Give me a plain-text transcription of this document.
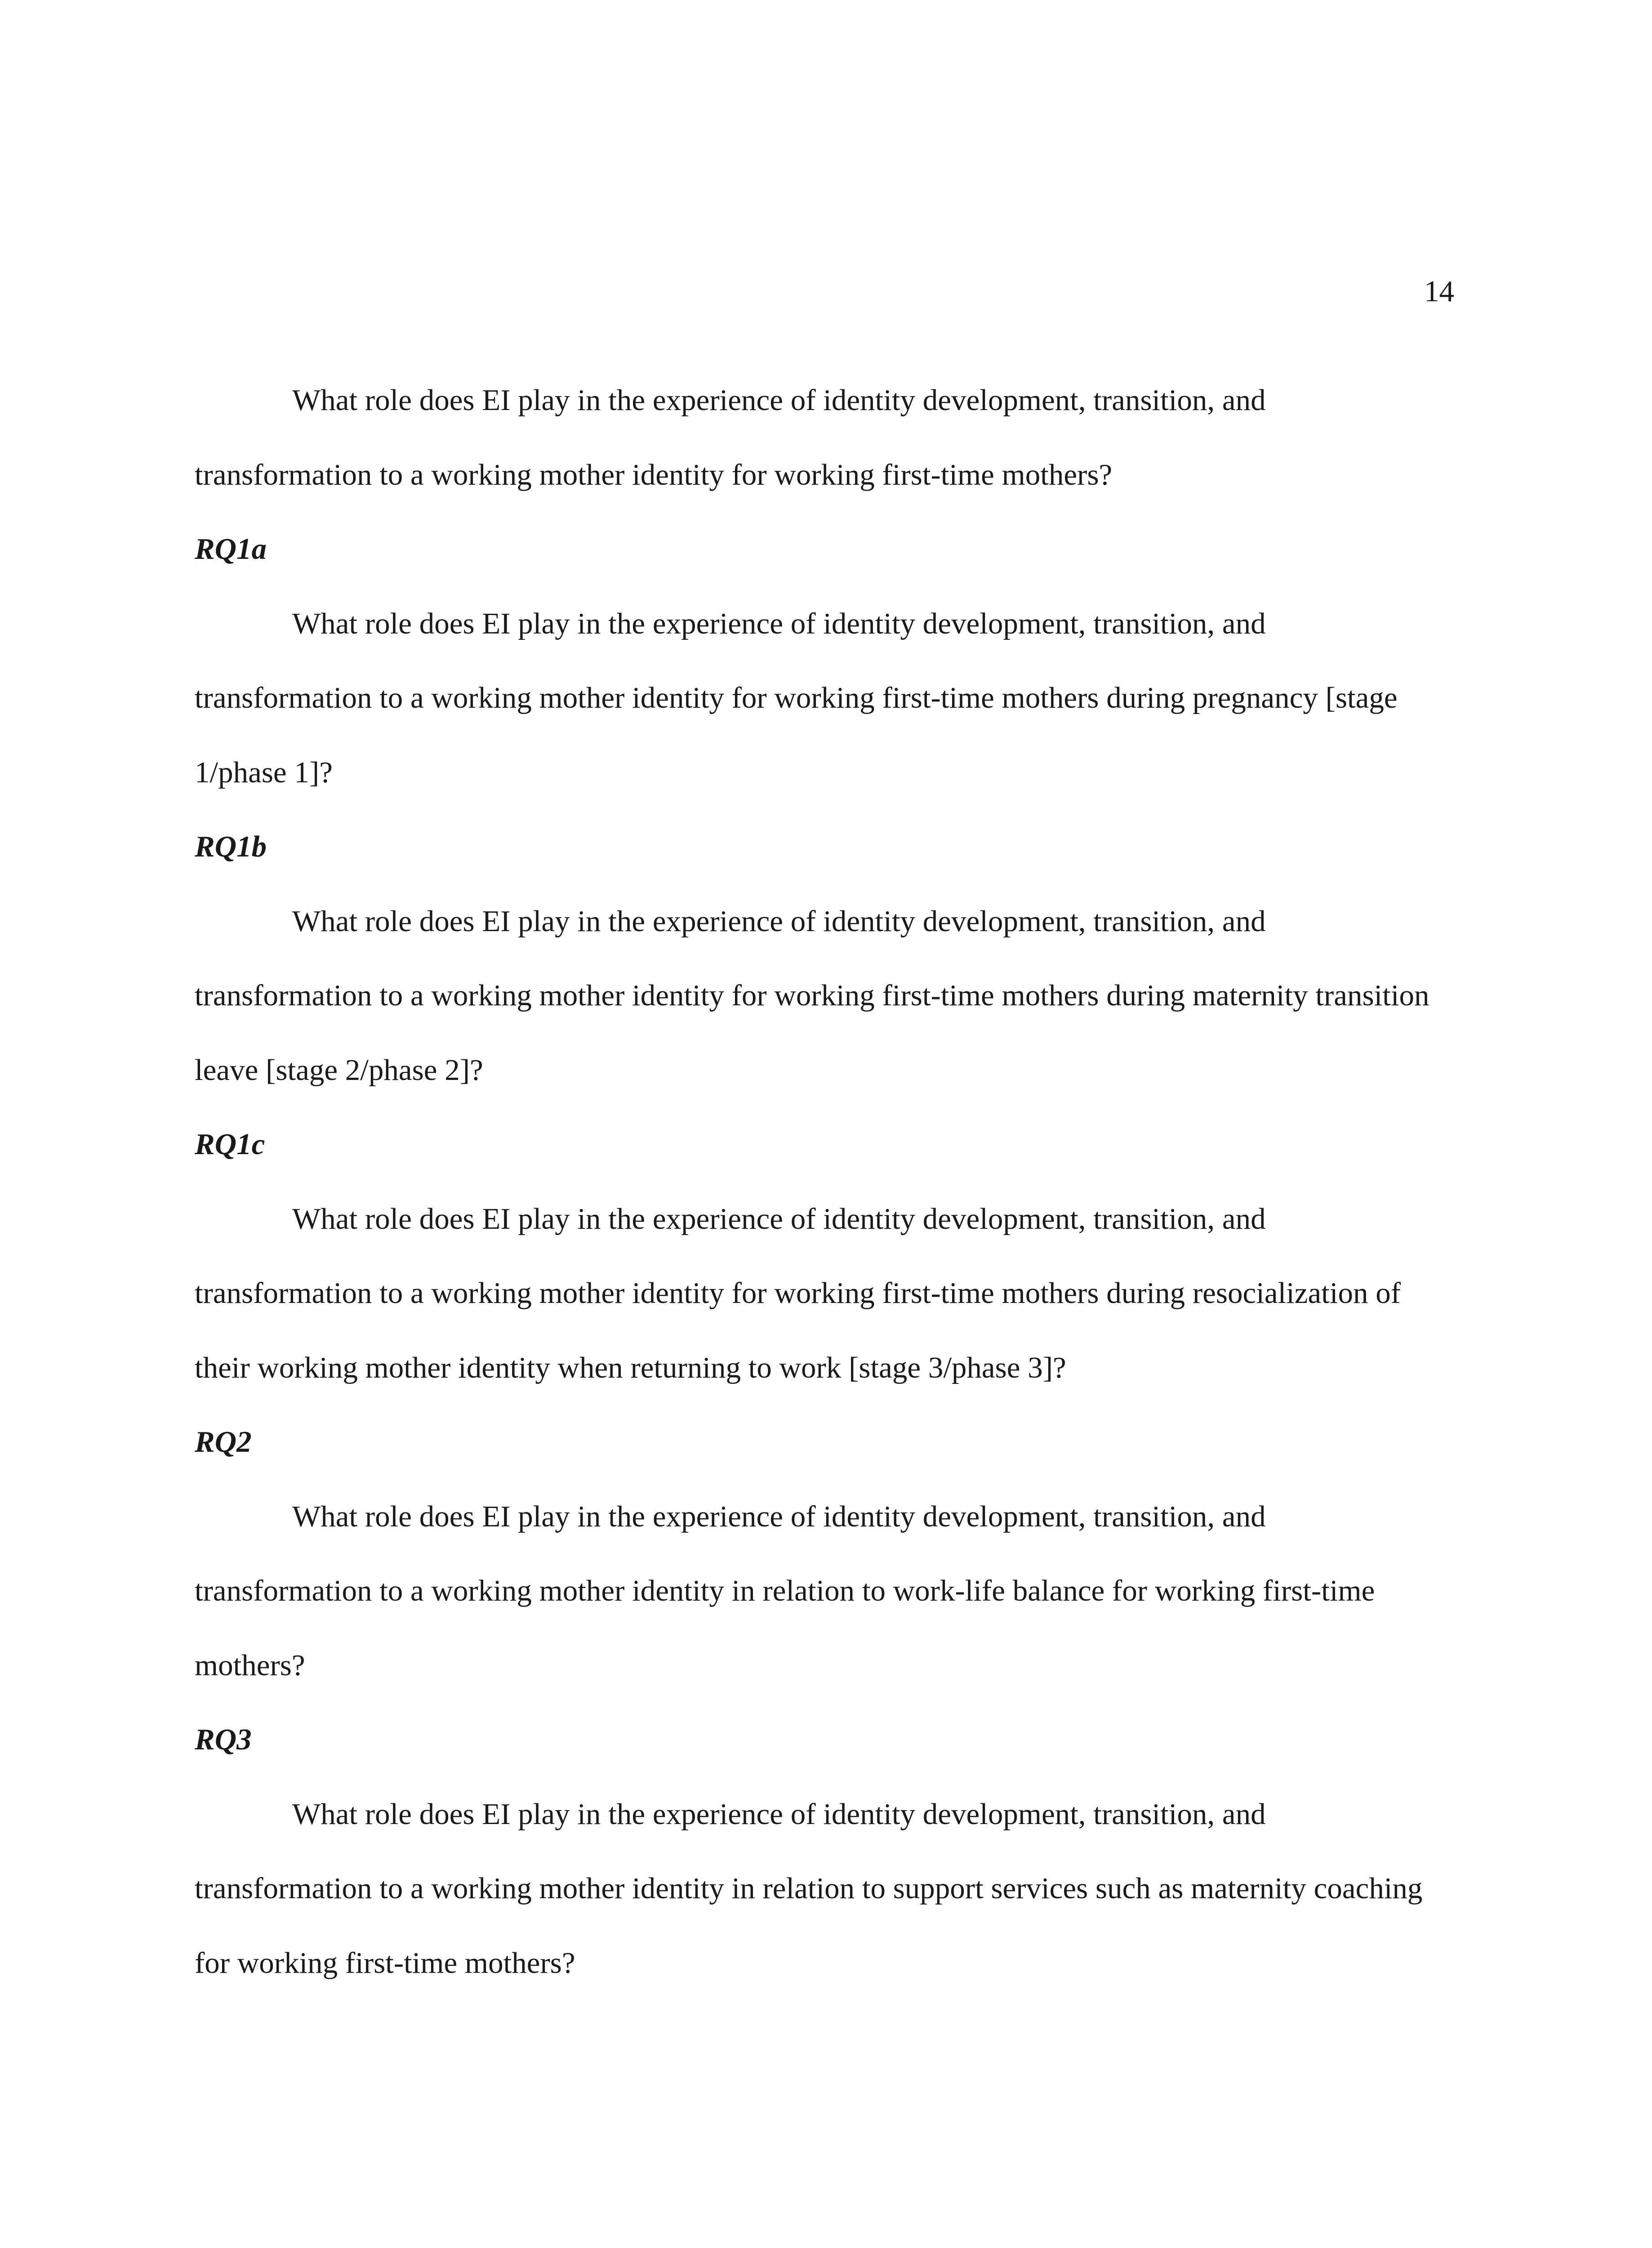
14

What role does EI play in the experience of identity development, transition, and transformation to a working mother identity for working first-time mothers?

RQ1a

What role does EI play in the experience of identity development, transition, and transformation to a working mother identity for working first-time mothers during pregnancy [stage 1/phase 1]?

RQ1b

What role does EI play in the experience of identity development, transition, and transformation to a working mother identity for working first-time mothers during maternity transition leave [stage 2/phase 2]?

RQ1c

What role does EI play in the experience of identity development, transition, and transformation to a working mother identity for working first-time mothers during resocialization of their working mother identity when returning to work [stage 3/phase 3]?

RQ2

What role does EI play in the experience of identity development, transition, and transformation to a working mother identity in relation to work-life balance for working first-time mothers?

RQ3

What role does EI play in the experience of identity development, transition, and transformation to a working mother identity in relation to support services such as maternity coaching for working first-time mothers?
